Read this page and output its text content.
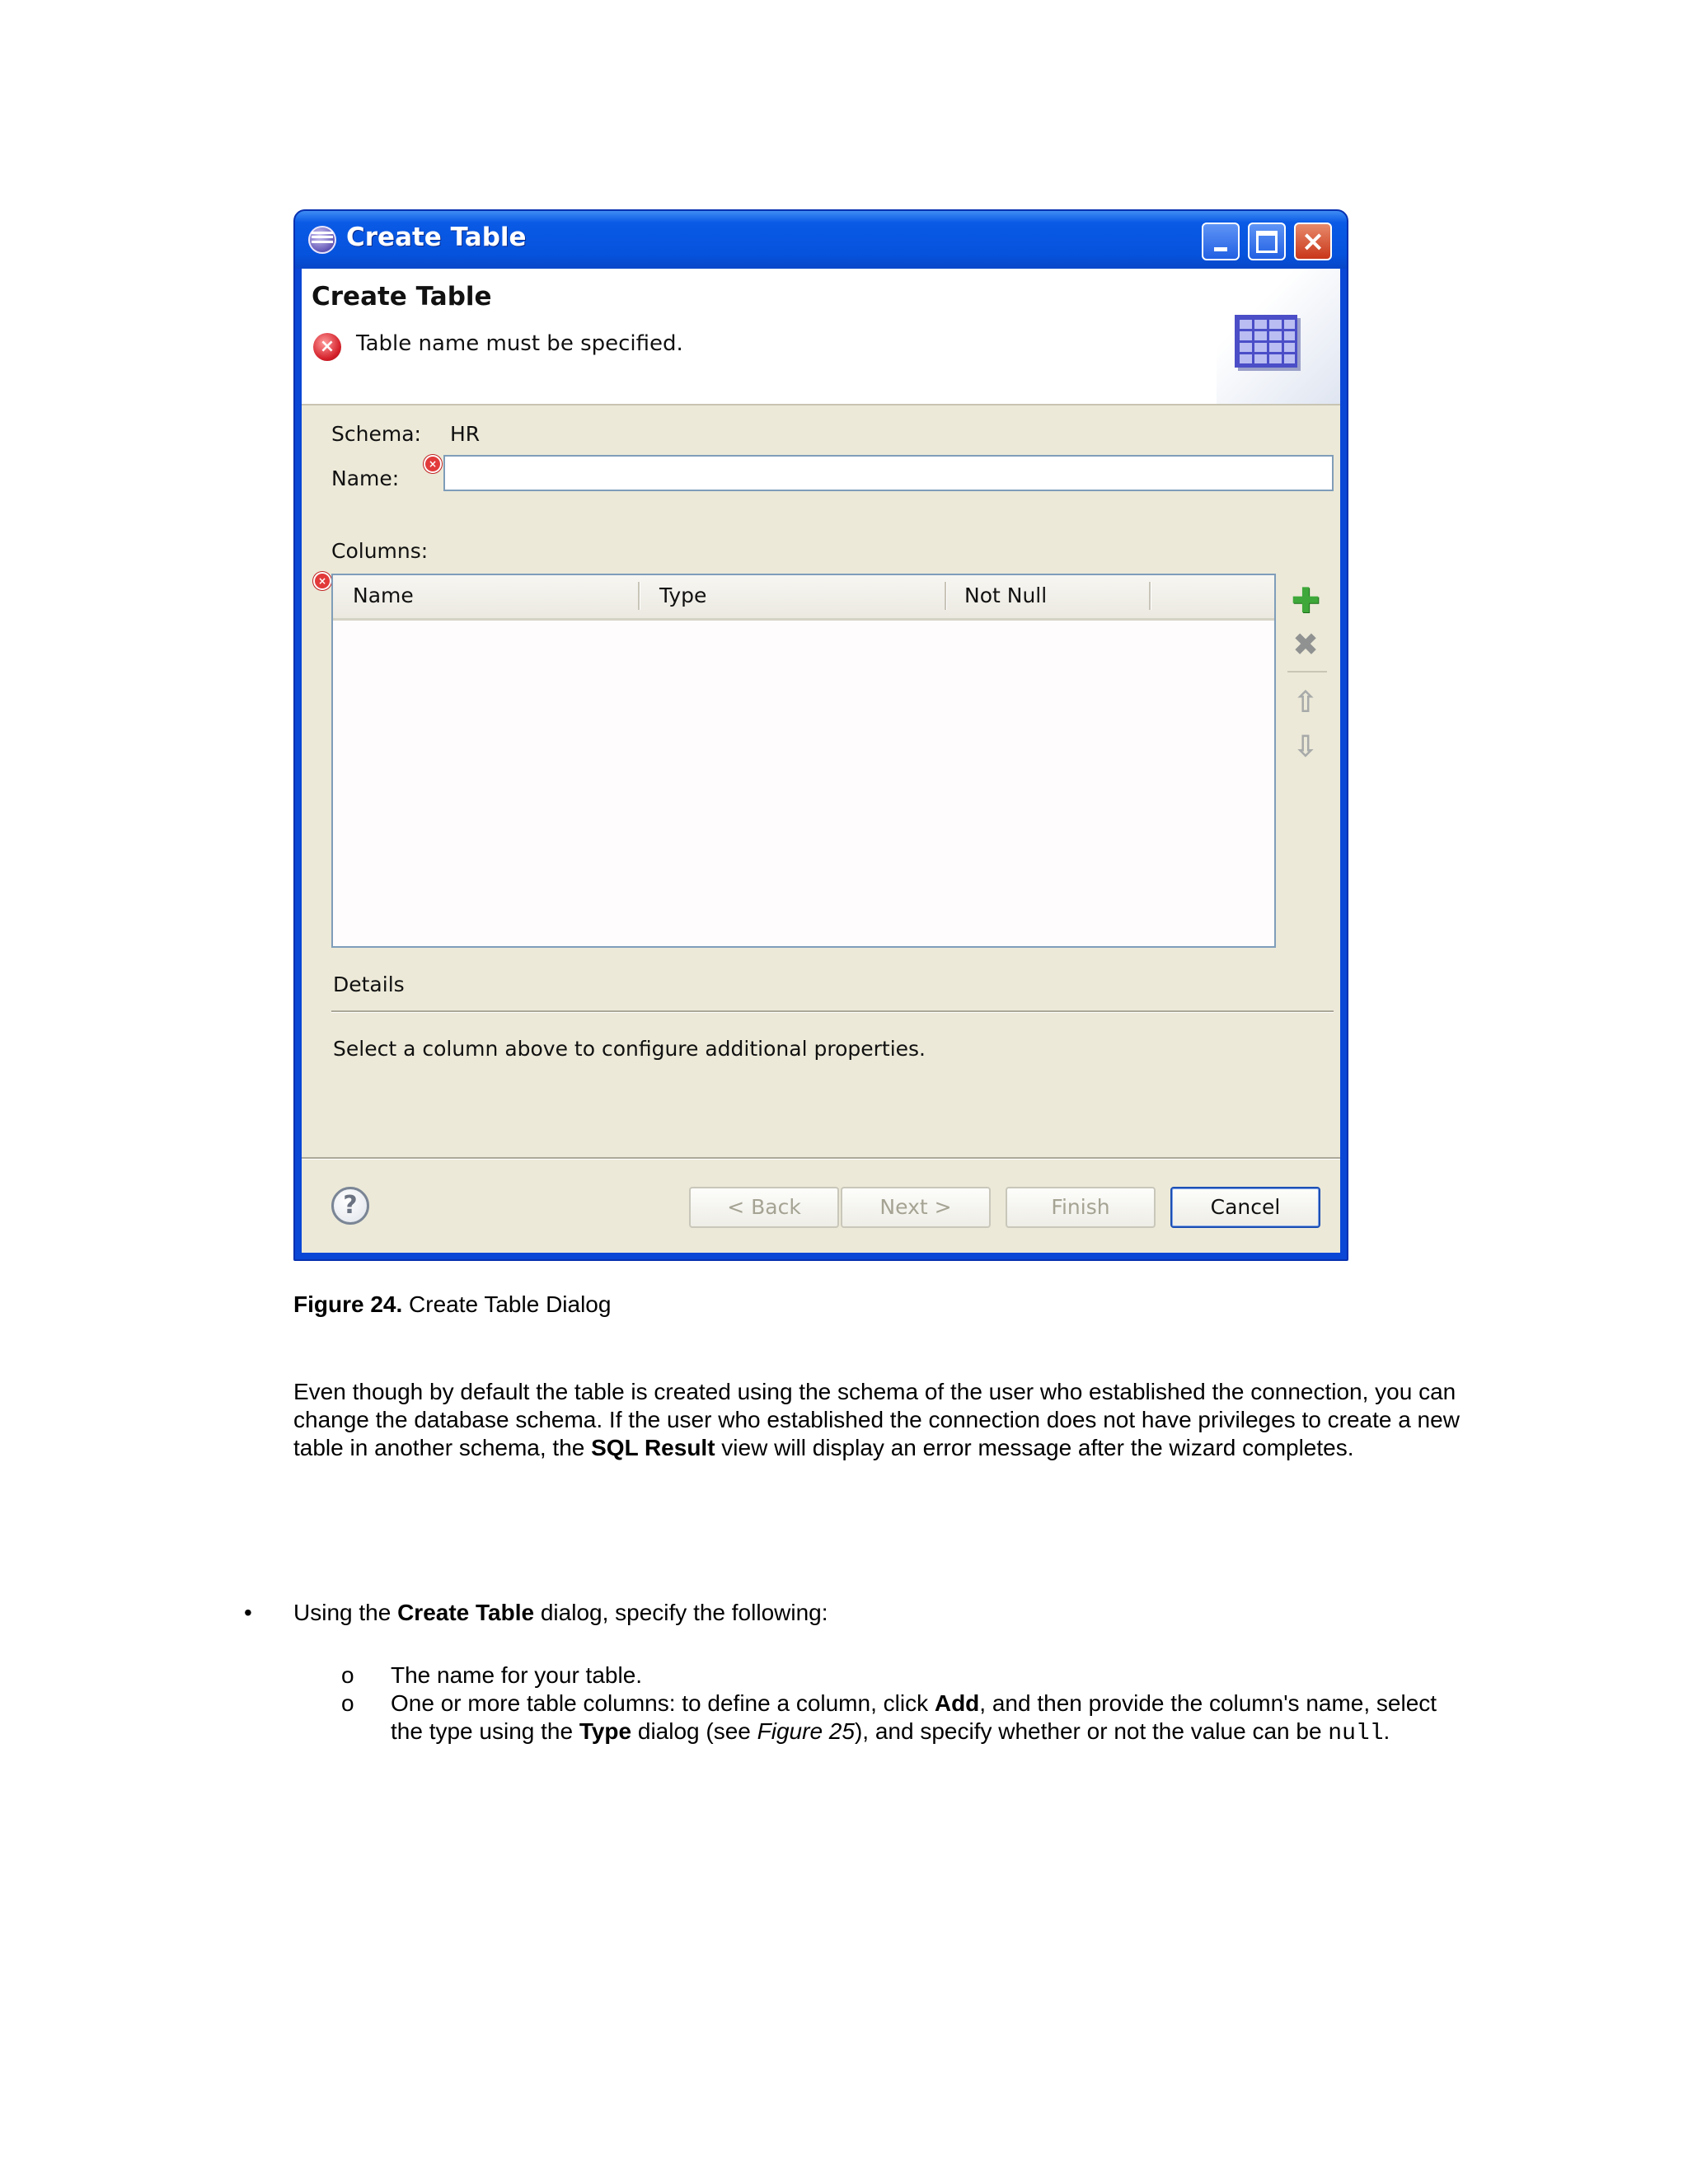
Create Table	×
Create Table
× Table name must be specified.
Schema: HR
Name:
×
Columns:
×
Name	Type	Not Null	✚
✖
⇧
⇩
Details
Select a column above to configure additional properties.
?	< Back	Next >	Finish	Cancel
Figure 24. Create Table Dialog
Even though by default the table is created using the schema of the user who established the connection, you can change the database schema. If the user who established the connection does not have privileges to create a new table in another schema, the SQL Result view will display an error message after the wizard completes.
• Using the Create Table dialog, specify the following:
o The name for your table.
o One or more table columns: to define a column, click Add, and then provide the column's name, select the type using the Type dialog (see Figure 25), and specify whether or not the value can be null.
